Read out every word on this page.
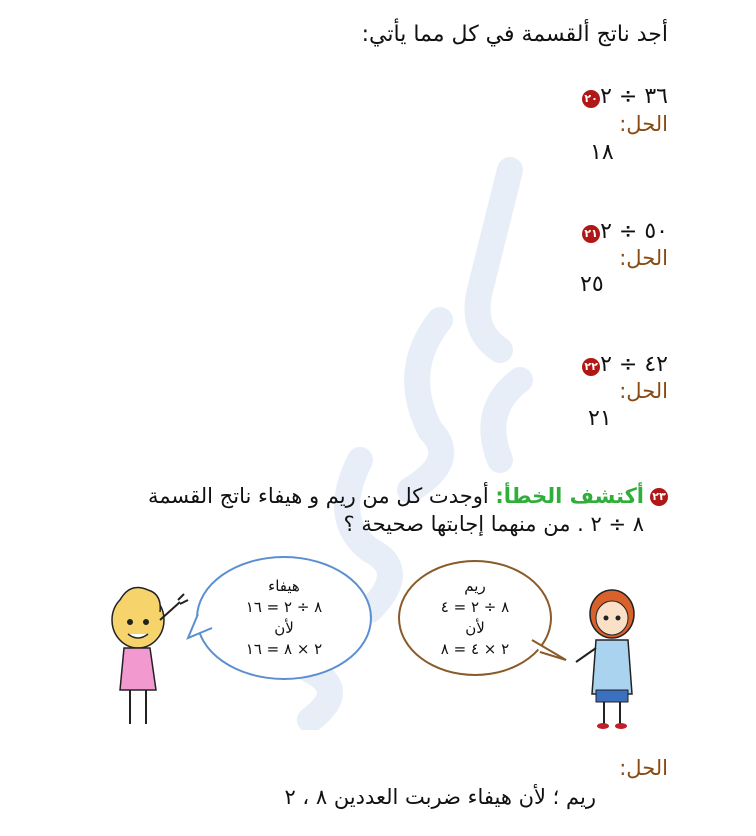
أجد ناتج ألقسمة في كل مما يأتي:
٢٠ ٣٦ ÷ ٢
الحل:
١٨
٢١ ٥٠ ÷ ٢
الحل:
٢٥
٢٢ ٤٢ ÷ ٢
الحل:
٢١
٢٣أكتشف الخطأ: أوجدت كل من ريم و هيفاء ناتج القسمة
٨ ÷ ٢ . من منهما إجابتها صحيحة ؟
هيفاء
٨ ÷ ٢ = ١٦
لأن
٢ × ٨ = ١٦
ريم
٨ ÷ ٢ = ٤
لأن
٢ × ٤ = ٨
الحل:
ريم ؛ لأن هيفاء ضربت العددين ٨ ، ٢
